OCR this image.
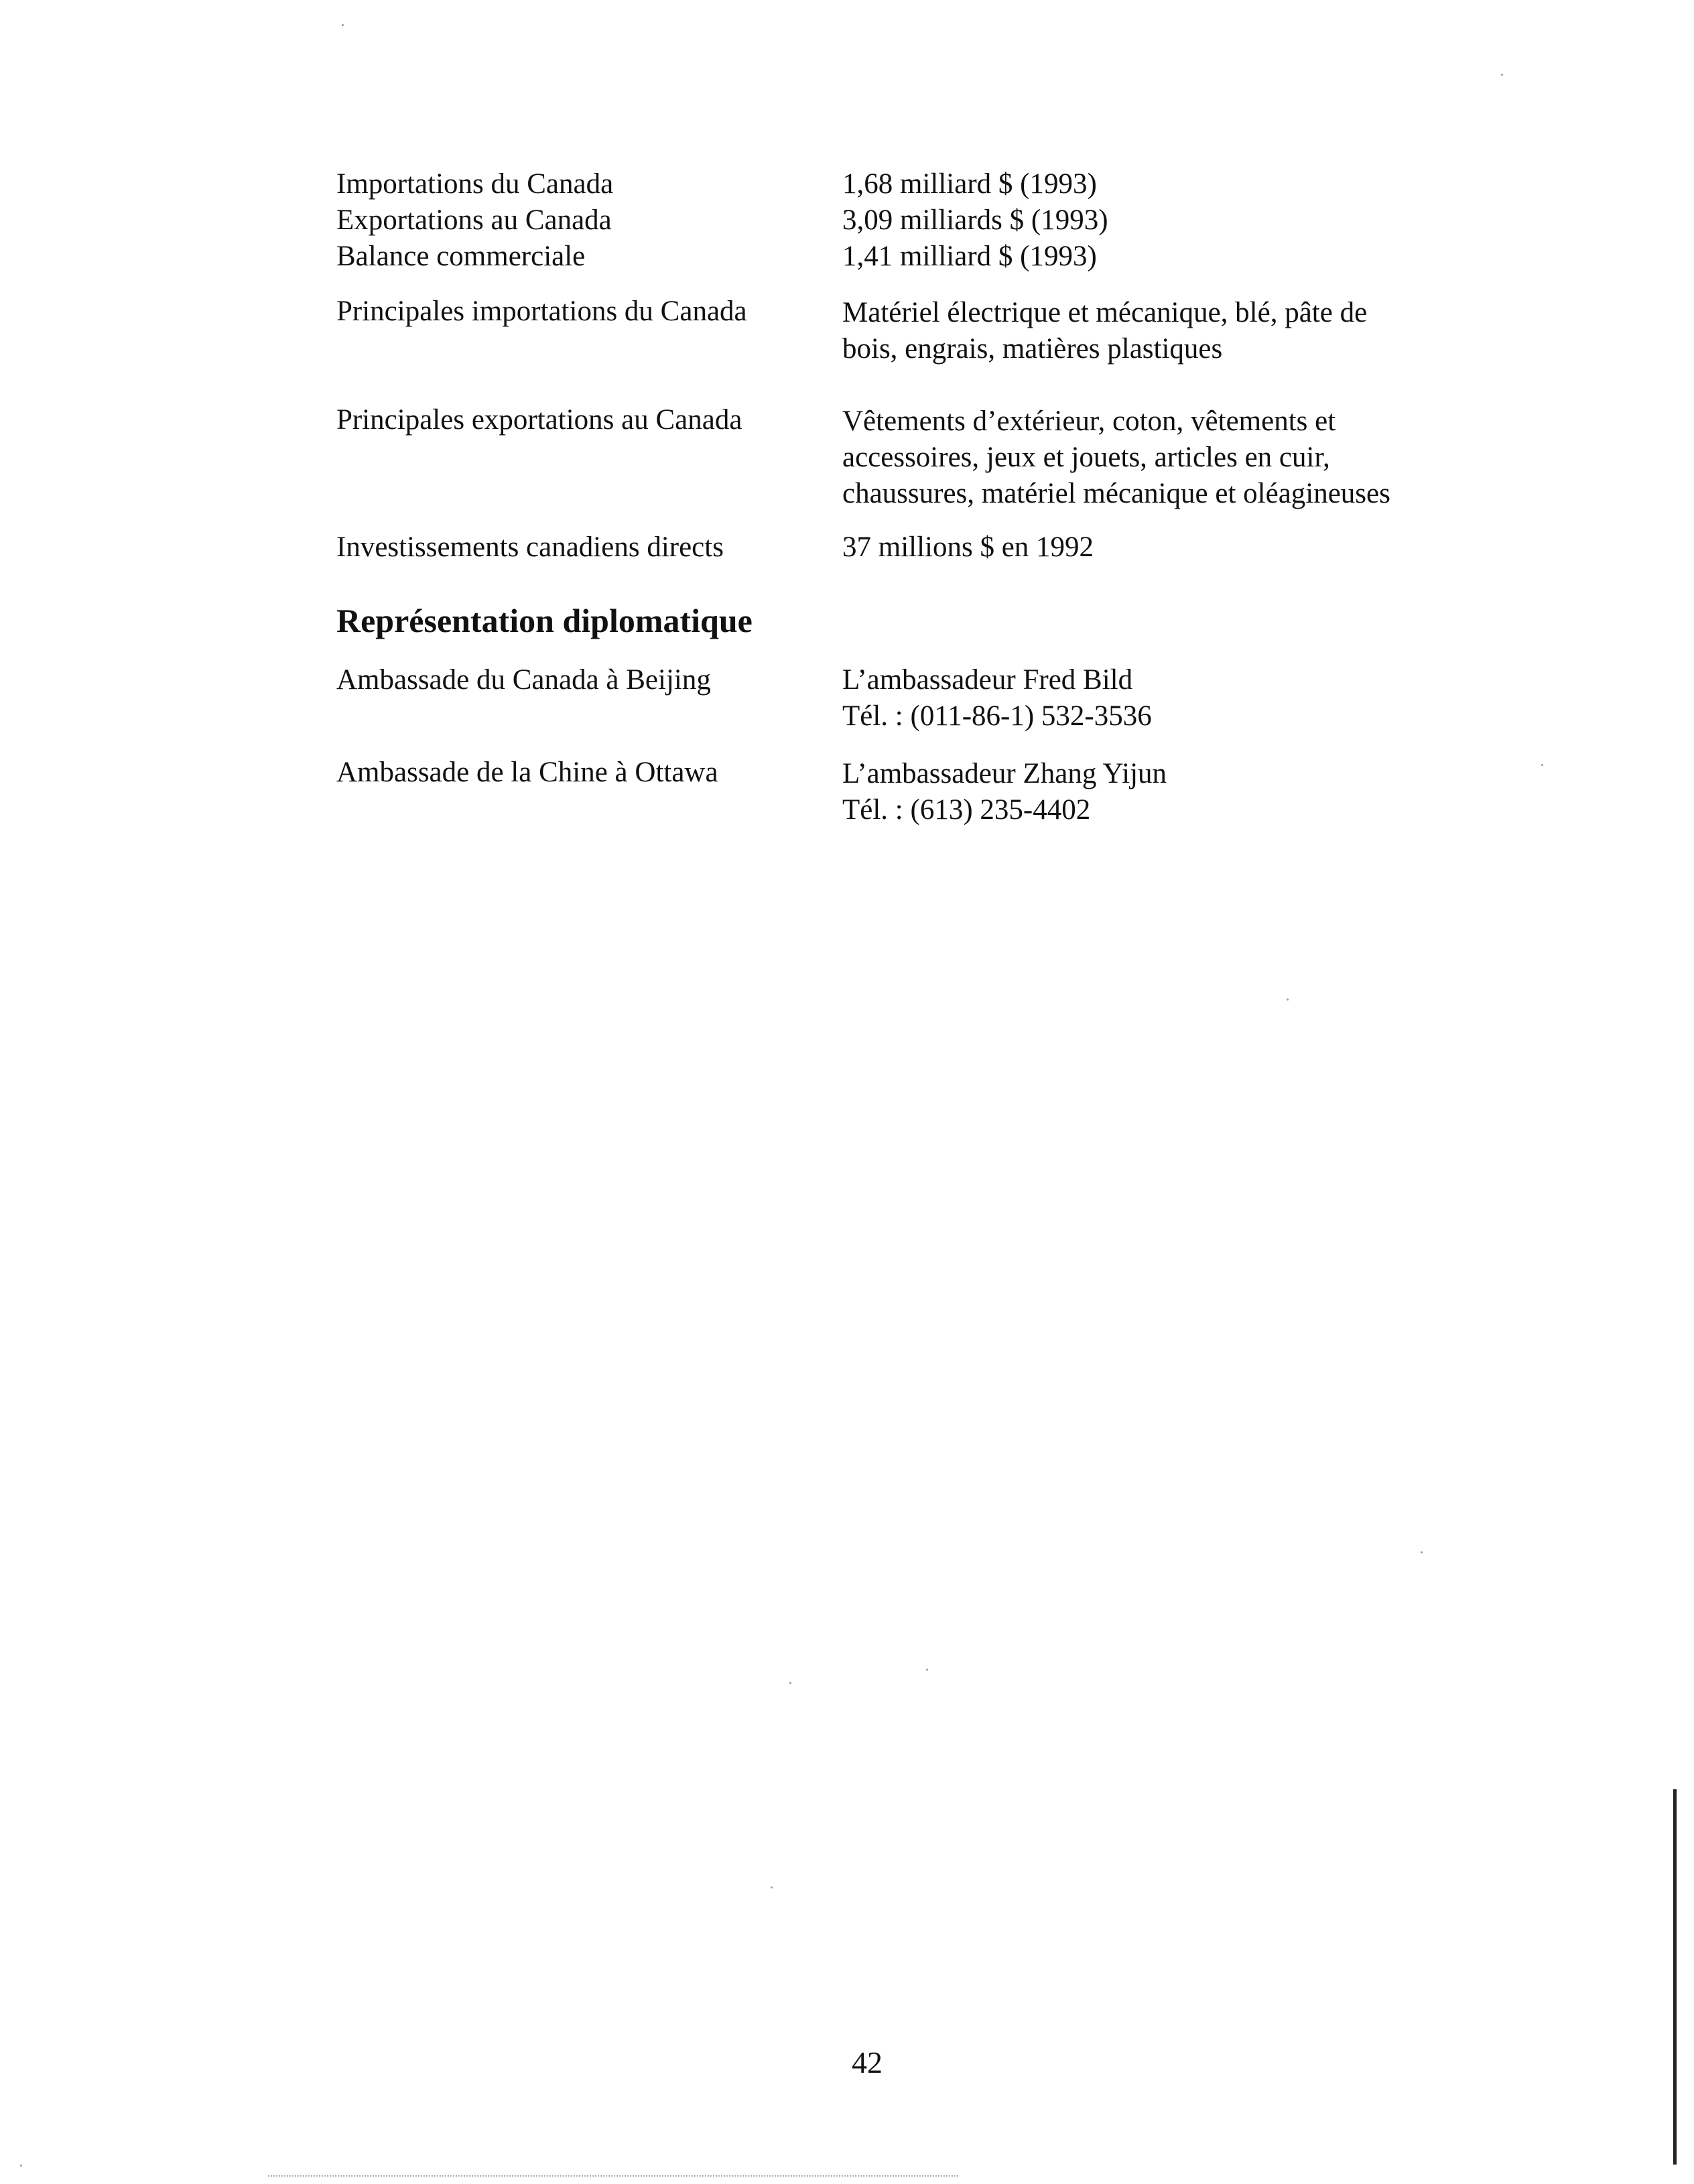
Importations du Canada	1,68 milliard $ (1993)
Exportations au Canada	3,09 milliards $ (1993)
Balance commerciale	1,41 milliard $ (1993)
Principales importations du Canada	Matériel électrique et mécanique, blé, pâte de
bois, engrais, matières plastiques
Principales exportations au Canada	Vêtements d’extérieur, coton, vêtements et
accessoires, jeux et jouets, articles en cuir,
chaussures, matériel mécanique et oléagineuses
Investissements canadiens directs	37 millions $ en 1992
Représentation diplomatique
Ambassade du Canada à Beijing	L’ambassadeur Fred Bild
Tél. : (011-86-1) 532-3536
Ambassade de la Chine à Ottawa	L’ambassadeur Zhang Yijun
Tél. : (613) 235-4402
42
